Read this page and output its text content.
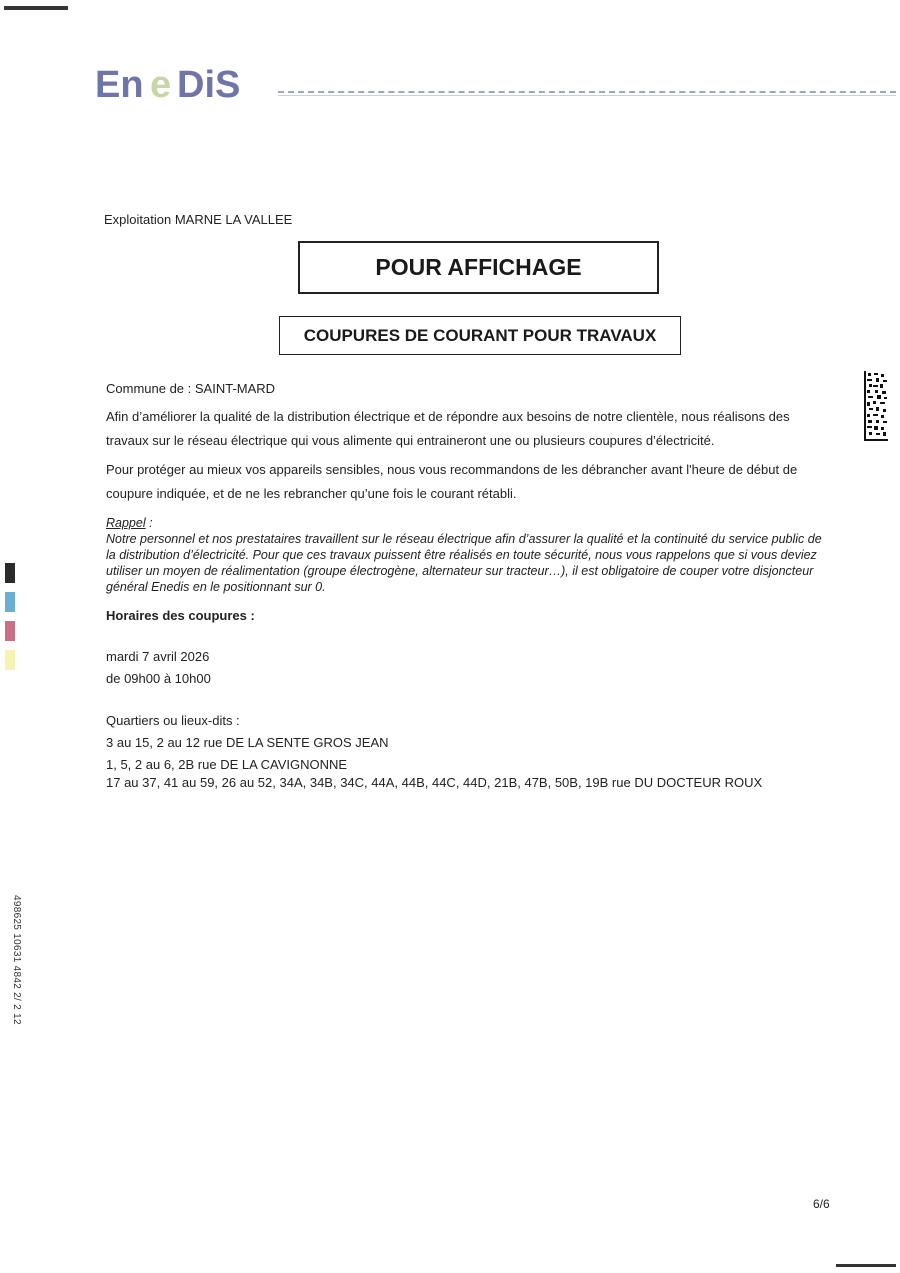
En e DiS
Exploitation MARNE LA VALLEE
POUR AFFICHAGE
COUPURES DE COURANT POUR TRAVAUX
Commune de : SAINT-MARD
Afin d’améliorer la qualité de la distribution électrique et de répondre aux besoins de notre clientèle, nous réalisons des travaux sur le réseau électrique qui vous alimente qui entraineront une ou plusieurs coupures d’électricité.
Pour protéger au mieux vos appareils sensibles, nous vous recommandons de les débrancher avant l'heure de début de coupure indiquée, et de ne les rebrancher qu’une fois le courant rétabli.
Rappel :
Notre personnel et nos prestataires travaillent sur le réseau électrique afin d’assurer la qualité et la continuité du service public de la distribution d’électricité. Pour que ces travaux puissent être réalisés en toute sécurité, nous vous rappelons que si vous deviez utiliser un moyen de réalimentation (groupe électrogène, alternateur sur tracteur…), il est obligatoire de couper votre disjoncteur général Enedis en le positionnant sur 0.
Horaires des coupures :
mardi 7 avril 2026
de 09h00 à 10h00
Quartiers ou lieux-dits :
3 au 15, 2 au 12 rue DE LA SENTE GROS JEAN
1, 5, 2 au 6, 2B rue DE LA CAVIGNONNE
17 au 37, 41 au 59, 26 au 52, 34A, 34B, 34C, 44A, 44B, 44C, 44D, 21B, 47B, 50B, 19B rue DU DOCTEUR ROUX
6/6
498625 10631 4842 2/ 2 12
